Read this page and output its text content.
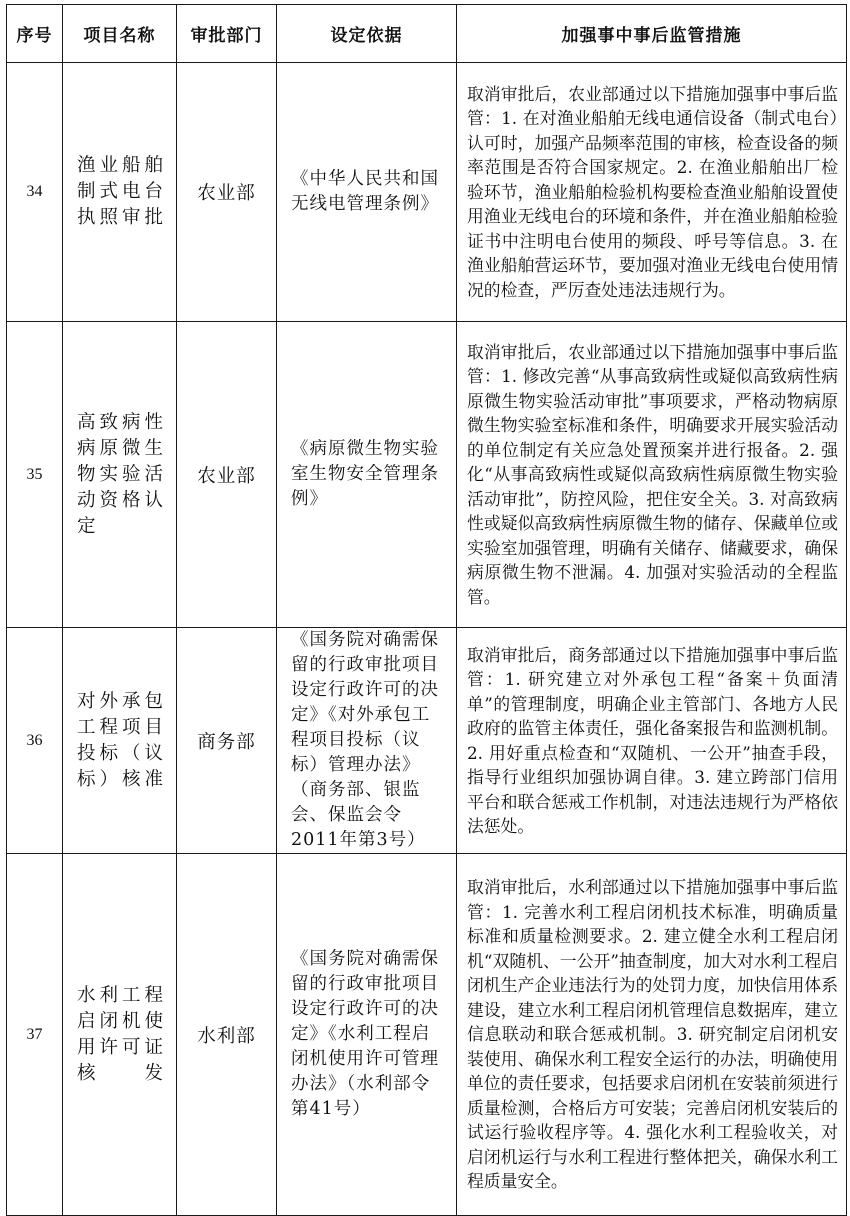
序号	项目名称	审批部门	设定依据	加强事中事后监管措施
34	渔业船舶制式电台执照审批	农业部	《中华人民共和国无线电管理条例》	取消审批后，农业部通过以下措施加强事中事后监管：1. 在对渔业船舶无线电通信设备（制式电台）认可时，加强产品频率范围的审核，检查设备的频率范围是否符合国家规定。2. 在渔业船舶出厂检验环节，渔业船舶检验机构要检查渔业船舶设置使用渔业无线电台的环境和条件，并在渔业船舶检验证书中注明电台使用的频段、呼号等信息。3. 在渔业船舶营运环节，要加强对渔业无线电台使用情况的检查，严厉查处违法违规行为。
35	高致病性病原微生物实验活动资格认定	农业部	《病原微生物实验室生物安全管理条例》	取消审批后，农业部通过以下措施加强事中事后监管：1. 修改完善“从事高致病性或疑似高致病性病原微生物实验活动审批”事项要求，严格动物病原微生物实验室标准和条件，明确要求开展实验活动的单位制定有关应急处置预案并进行报备。2. 强化“从事高致病性或疑似高致病性病原微生物实验活动审批”，防控风险，把住安全关。3. 对高致病性或疑似高致病性病原微生物的储存、保藏单位或实验室加强管理，明确有关储存、储藏要求，确保病原微生物不泄漏。4. 加强对实验活动的全程监管。
36	对外承包工程项目投标（议标）核准	商务部	《国务院对确需保留的行政审批项目设定行政许可的决定》《对外承包工程项目投标（议标）管理办法》（商务部、银监会、保监会令2011年第3号）	取消审批后，商务部通过以下措施加强事中事后监管：1. 研究建立对外承包工程“备案＋负面清单”的管理制度，明确企业主管部门、各地方人民政府的监管主体责任，强化备案报告和监测机制。2. 用好重点检查和“双随机、一公开”抽查手段，指导行业组织加强协调自律。3. 建立跨部门信用平台和联合惩戒工作机制，对违法违规行为严格依法惩处。
37	水利工程启闭机使用许可证核发	水利部	《国务院对确需保留的行政审批项目设定行政许可的决定》《水利工程启闭机使用许可管理办法》（水利部令第41号）	取消审批后，水利部通过以下措施加强事中事后监管：1. 完善水利工程启闭机技术标准，明确质量标准和质量检测要求。2. 建立健全水利工程启闭机“双随机、一公开”抽查制度，加大对水利工程启闭机生产企业违法行为的处罚力度，加快信用体系建设，建立水利工程启闭机管理信息数据库，建立信息联动和联合惩戒机制。3. 研究制定启闭机安装使用、确保水利工程安全运行的办法，明确使用单位的责任要求，包括要求启闭机在安装前须进行质量检测，合格后方可安装；完善启闭机安装后的试运行验收程序等。4. 强化水利工程验收关，对启闭机运行与水利工程进行整体把关，确保水利工程质量安全。
